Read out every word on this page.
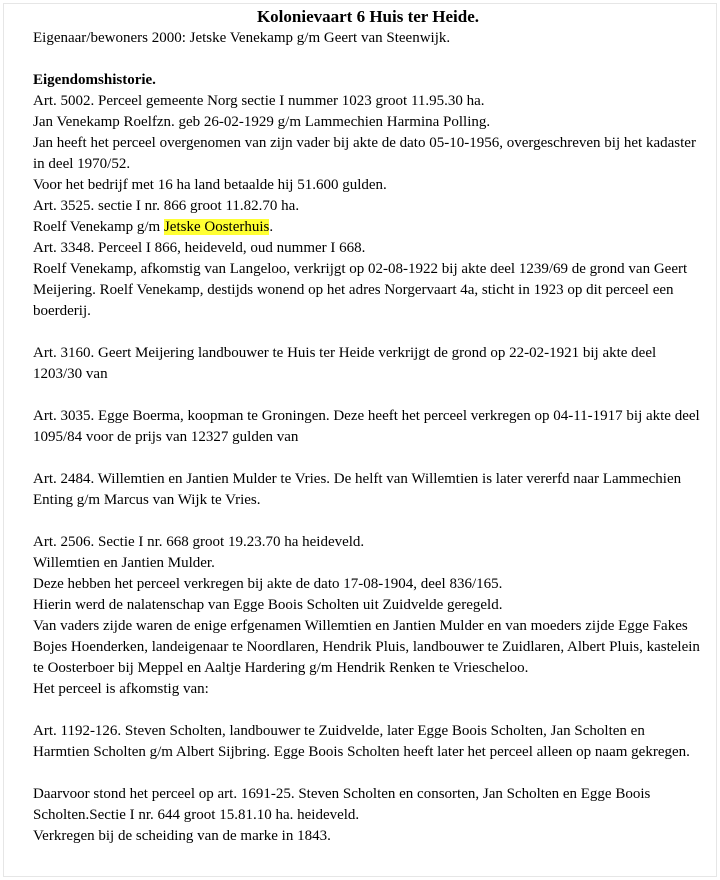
Kolonievaart 6 Huis ter Heide.

Eigenaar/bewoners 2000: Jetske Venekamp g/m Geert van Steenwijk.

Eigendomshistorie.

Art. 5002. Perceel gemeente Norg sectie I nummer 1023 groot 11.95.30 ha.

Jan Venekamp Roelfzn. geb 26-02-1929 g/m Lammechien Harmina Polling.

Jan heeft het perceel overgenomen van zijn vader bij akte de dato 05-10-1956, overgeschreven bij het kadaster in deel 1970/52.

Voor het bedrijf met 16 ha land betaalde hij 51.600 gulden.

Art. 3525. sectie I nr. 866 groot 11.82.70 ha.

Roelf Venekamp g/m Jetske Oosterhuis.

Art. 3348. Perceel I 866, heideveld, oud nummer I 668.

Roelf Venekamp, afkomstig van Langeloo, verkrijgt op 02-08-1922 bij akte deel 1239/69 de grond van Geert Meijering. Roelf Venekamp, destijds wonend op het adres Norgervaart 4a, sticht in 1923 op dit perceel een boerderij.

Art. 3160. Geert Meijering landbouwer te Huis ter Heide verkrijgt de grond op 22-02-1921 bij akte deel 1203/30 van

Art. 3035. Egge Boerma, koopman te Groningen. Deze heeft het perceel verkregen op 04-11-1917 bij akte deel 1095/84 voor de prijs van 12327 gulden van

Art. 2484. Willemtien en Jantien Mulder te Vries. De helft van Willemtien is later vererfd naar Lammechien Enting g/m Marcus van Wijk te Vries.

Art. 2506. Sectie I nr. 668 groot 19.23.70 ha heideveld.

Willemtien en Jantien Mulder.

Deze hebben het perceel verkregen bij akte de dato 17-08-1904, deel 836/165.

Hierin werd de nalatenschap van Egge Boois Scholten uit Zuidvelde geregeld.

Van vaders zijde waren de enige erfgenamen Willemtien en Jantien Mulder en van moeders zijde Egge Fakes Bojes Hoenderken, landeigenaar te Noordlaren, Hendrik Pluis, landbouwer te Zuidlaren, Albert Pluis, kastelein te Oosterboer bij Meppel en Aaltje Hardering g/m Hendrik Renken te Vriescheloo.

Het perceel is afkomstig van:

Art. 1192-126. Steven Scholten, landbouwer te Zuidvelde, later Egge Boois Scholten, Jan Scholten en Harmtien Scholten g/m Albert Sijbring. Egge Boois Scholten heeft later het perceel alleen op naam gekregen.

Daarvoor stond het perceel op art. 1691-25. Steven Scholten en consorten, Jan Scholten en Egge Boois Scholten.Sectie I nr. 644 groot 15.81.10 ha. heideveld.

Verkregen bij de scheiding van de marke in 1843.
